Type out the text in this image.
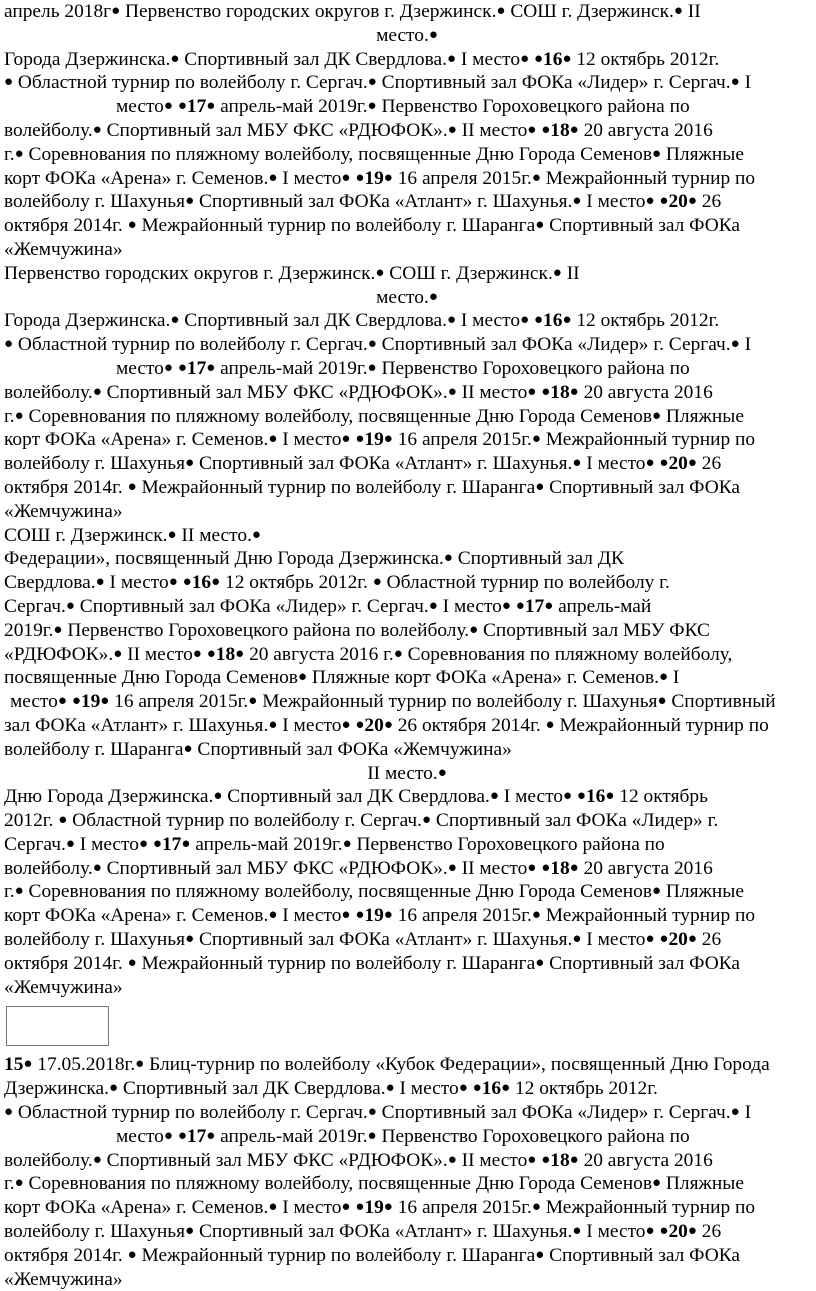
апрель 2018г● Первенство городских округов г. Дзержинск.● СОШ г. Дзержинск.● II
место.●
Города Дзержинска.● Спортивный зал ДК Свердлова.● I место● ●16● 12 октябрь 2012г.
● Областной турнир по волейболу г. Сергач.● Спортивный зал ФОКа «Лидер» г. Сергач.● I
место● ●17● апрель-май 2019г.● Первенство Гороховецкого района по
волейболу.● Спортивный зал МБУ ФКС «РДЮФОК».● II место● ●18● 20 августа 2016
г.● Соревнования по пляжному волейболу, посвященные Дню Города Семенов● Пляжные
корт ФОКа «Арена» г. Семенов.● I место● ●19● 16 апреля 2015г.● Межрайонный турнир по
волейболу г. Шахунья● Спортивный зал ФОКа «Атлант» г. Шахунья.● I место● ●20● 26
октября 2014г. ● Межрайонный турнир по волейболу г. Шаранга● Спортивный зал ФОКа
«Жемчужина»
Первенство городских округов г. Дзержинск.● СОШ г. Дзержинск.● II
место.●
Города Дзержинска.● Спортивный зал ДК Свердлова.● I место● ●16● 12 октябрь 2012г.
● Областной турнир по волейболу г. Сергач.● Спортивный зал ФОКа «Лидер» г. Сергач.● I
место● ●17● апрель-май 2019г.● Первенство Гороховецкого района по
волейболу.● Спортивный зал МБУ ФКС «РДЮФОК».● II место● ●18● 20 августа 2016
г.● Соревнования по пляжному волейболу, посвященные Дню Города Семенов● Пляжные
корт ФОКа «Арена» г. Семенов.● I место● ●19● 16 апреля 2015г.● Межрайонный турнир по
волейболу г. Шахунья● Спортивный зал ФОКа «Атлант» г. Шахунья.● I место● ●20● 26
октября 2014г. ● Межрайонный турнир по волейболу г. Шаранга● Спортивный зал ФОКа
«Жемчужина»
СОШ г. Дзержинск.● II место.●
Федерации», посвященный Дню Города Дзержинска.● Спортивный зал ДК
Свердлова.● I место● ●16● 12 октябрь 2012г. ● Областной турнир по волейболу г.
Сергач.● Спортивный зал ФОКа «Лидер» г. Сергач.● I место● ●17● апрель-май
2019г.● Первенство Гороховецкого района по волейболу.● Спортивный зал МБУ ФКС
«РДЮФОК».● II место● ●18● 20 августа 2016 г.● Соревнования по пляжному волейболу,
посвященные Дню Города Семенов● Пляжные корт ФОКа «Арена» г. Семенов.● I
место● ●19● 16 апреля 2015г.● Межрайонный турнир по волейболу г. Шахунья● Спортивный
зал ФОКа «Атлант» г. Шахунья.● I место● ●20● 26 октября 2014г. ● Межрайонный турнир по
волейболу г. Шаранга● Спортивный зал ФОКа «Жемчужина»
II место.●
Дню Города Дзержинска.● Спортивный зал ДК Свердлова.● I место● ●16● 12 октябрь
2012г. ● Областной турнир по волейболу г. Сергач.● Спортивный зал ФОКа «Лидер» г.
Сергач.● I место● ●17● апрель-май 2019г.● Первенство Гороховецкого района по
волейболу.● Спортивный зал МБУ ФКС «РДЮФОК».● II место● ●18● 20 августа 2016
г.● Соревнования по пляжному волейболу, посвященные Дню Города Семенов● Пляжные
корт ФОКа «Арена» г. Семенов.● I место● ●19● 16 апреля 2015г.● Межрайонный турнир по
волейболу г. Шахунья● Спортивный зал ФОКа «Атлант» г. Шахунья.● I место● ●20● 26
октября 2014г. ● Межрайонный турнир по волейболу г. Шаранга● Спортивный зал ФОКа
«Жемчужина»
15● 17.05.2018г.● Блиц-турнир по волейболу «Кубок Федерации», посвященный Дню Города
Дзержинска.● Спортивный зал ДК Свердлова.● I место● ●16● 12 октябрь 2012г.
● Областной турнир по волейболу г. Сергач.● Спортивный зал ФОКа «Лидер» г. Сергач.● I
место● ●17● апрель-май 2019г.● Первенство Гороховецкого района по
волейболу.● Спортивный зал МБУ ФКС «РДЮФОК».● II место● ●18● 20 августа 2016
г.● Соревнования по пляжному волейболу, посвященные Дню Города Семенов● Пляжные
корт ФОКа «Арена» г. Семенов.● I место● ●19● 16 апреля 2015г.● Межрайонный турнир по
волейболу г. Шахунья● Спортивный зал ФОКа «Атлант» г. Шахунья.● I место● ●20● 26
октября 2014г. ● Межрайонный турнир по волейболу г. Шаранга● Спортивный зал ФОКа
«Жемчужина»
